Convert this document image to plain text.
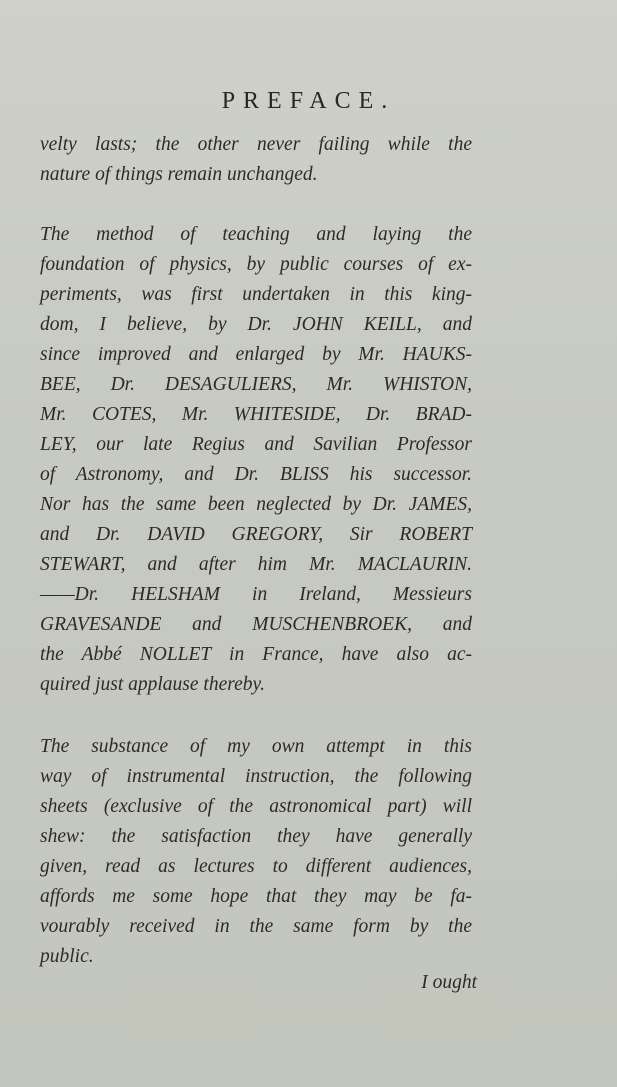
PREFACE.
velty lasts; the other never failing while the
nature of things remain unchanged.
The method of teaching and laying the
foundation of physics, by public courses of ex-
periments, was first undertaken in this king-
dom, I believe, by Dr. JOHN KEILL, and
since improved and enlarged by Mr. HAUKS-
BEE, Dr. DESAGULIERS, Mr. WHISTON,
Mr. COTES, Mr. WHITESIDE, Dr. BRAD-
LEY, our late Regius and Savilian Professor
of Astronomy, and Dr. BLISS his successor.
Nor has the same been neglected by Dr. JAMES,
and Dr. DAVID GREGORY, Sir ROBERT
STEWART, and after him Mr. MACLAURIN.
——Dr. HELSHAM in Ireland, Messieurs
GRAVESANDE and MUSCHENBROEK, and
the Abbé NOLLET in France, have also ac-
quired just applause thereby.
The substance of my own attempt in this
way of instrumental instruction, the following
sheets (exclusive of the astronomical part) will
shew: the satisfaction they have generally
given, read as lectures to different audiences,
affords me some hope that they may be fa-
vourably received in the same form by the
public.
I ought
